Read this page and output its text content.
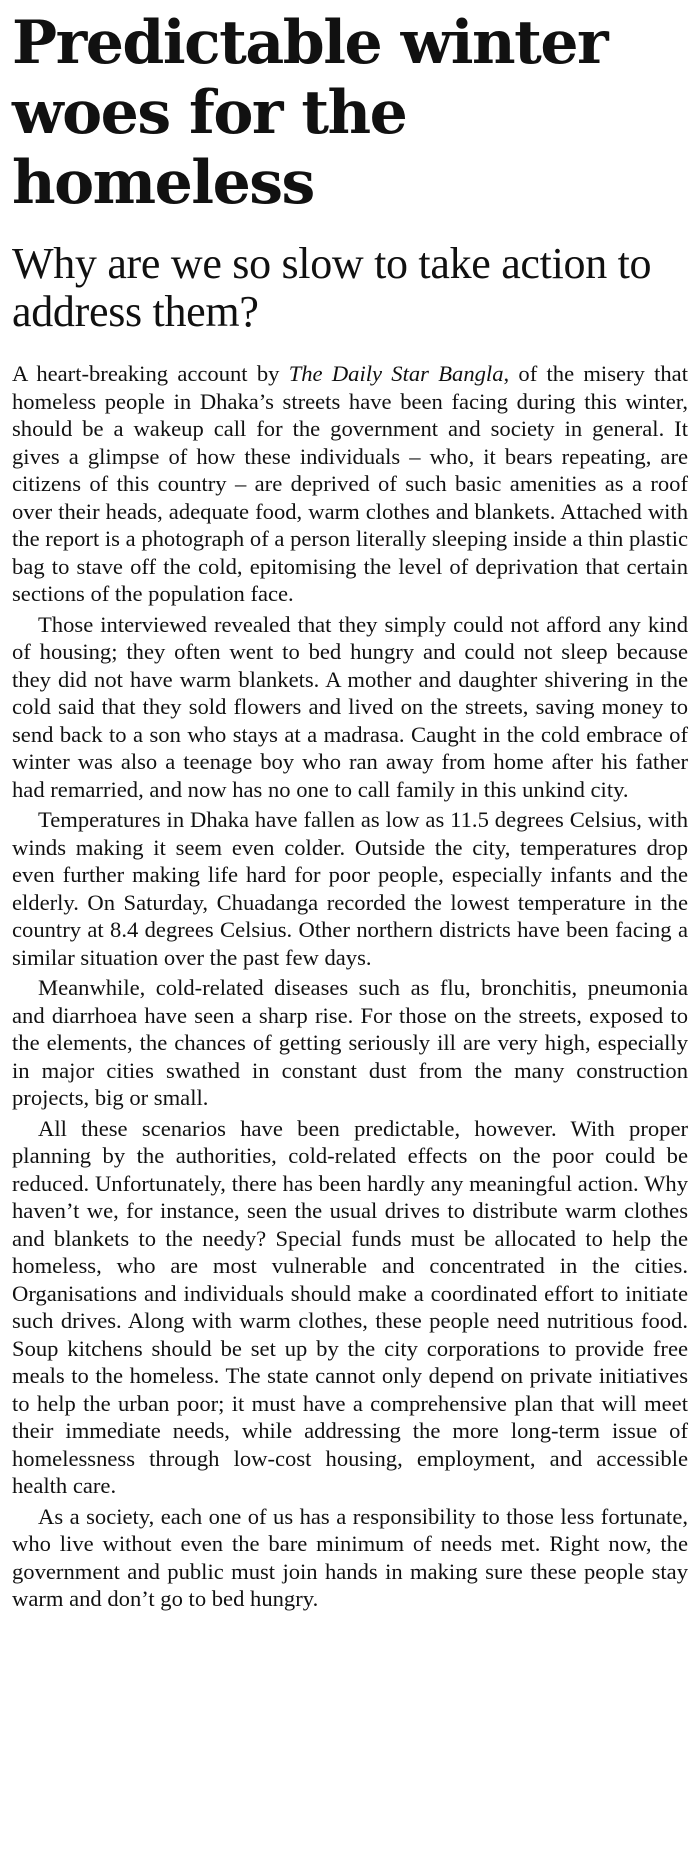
Predictable winter woes for the homeless
Why are we so slow to take action to address them?

A heart-breaking account by The Daily Star Bangla, of the misery that homeless people in Dhaka’s streets have been facing during this winter, should be a wakeup call for the government and society in general. It gives a glimpse of how these individuals – who, it bears repeating, are citizens of this country – are deprived of such basic amenities as a roof over their heads, adequate food, warm clothes and blankets. Attached with the report is a photograph of a person literally sleeping inside a thin plastic bag to stave off the cold, epitomising the level of deprivation that certain sections of the population face.

Those interviewed revealed that they simply could not afford any kind of housing; they often went to bed hungry and could not sleep because they did not have warm blankets. A mother and daughter shivering in the cold said that they sold flowers and lived on the streets, saving money to send back to a son who stays at a madrasa. Caught in the cold embrace of winter was also a teenage boy who ran away from home after his father had remarried, and now has no one to call family in this unkind city.

Temperatures in Dhaka have fallen as low as 11.5 degrees Celsius, with winds making it seem even colder. Outside the city, temperatures drop even further making life hard for poor people, especially infants and the elderly. On Saturday, Chuadanga recorded the lowest temperature in the country at 8.4 degrees Celsius. Other northern districts have been facing a similar situation over the past few days.

Meanwhile, cold-related diseases such as flu, bronchitis, pneumonia and diarrhoea have seen a sharp rise. For those on the streets, exposed to the elements, the chances of getting seriously ill are very high, especially in major cities swathed in constant dust from the many construction projects, big or small.

All these scenarios have been predictable, however. With proper planning by the authorities, cold-related effects on the poor could be reduced. Unfortunately, there has been hardly any meaningful action. Why haven’t we, for instance, seen the usual drives to distribute warm clothes and blankets to the needy? Special funds must be allocated to help the homeless, who are most vulnerable and concentrated in the cities. Organisations and individuals should make a coordinated effort to initiate such drives. Along with warm clothes, these people need nutritious food. Soup kitchens should be set up by the city corporations to provide free meals to the homeless. The state cannot only depend on private initiatives to help the urban poor; it must have a comprehensive plan that will meet their immediate needs, while addressing the more long-term issue of homelessness through low-cost housing, employment, and accessible health care.

As a society, each one of us has a responsibility to those less fortunate, who live without even the bare minimum of needs met. Right now, the government and public must join hands in making sure these people stay warm and don’t go to bed hungry.
